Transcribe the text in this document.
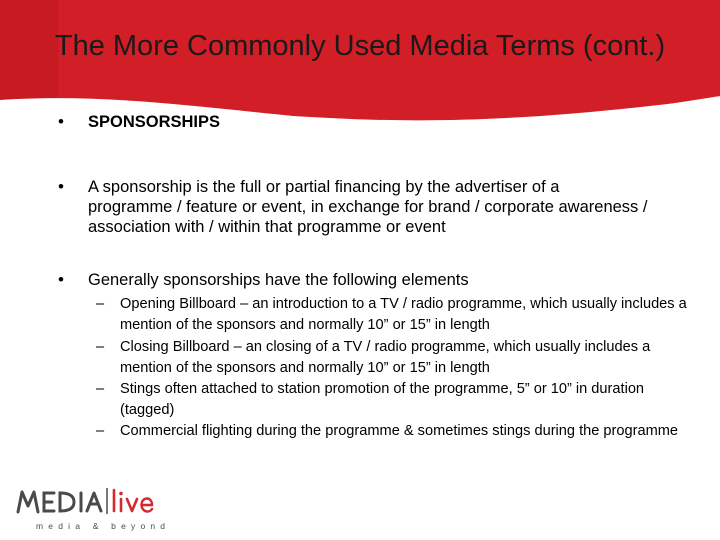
The More Commonly Used Media Terms (cont.)
• SPONSORSHIPS
• A sponsorship is the full or partial financing by the advertiser of a programme / feature or event, in exchange for brand / corporate awareness / association with / within that programme or event
• Generally sponsorships have the following elements
– Opening Billboard – an introduction to a TV / radio programme, which usually includes a mention of the sponsors and normally 10” or 15” in length
– Closing Billboard – an closing of a TV / radio programme, which usually includes a mention of the sponsors and normally 10” or 15” in length
– Stings often attached to station promotion of the programme, 5” or 10” in duration (tagged)
– Commercial flighting during the programme & sometimes stings during the programme
media & beyond
